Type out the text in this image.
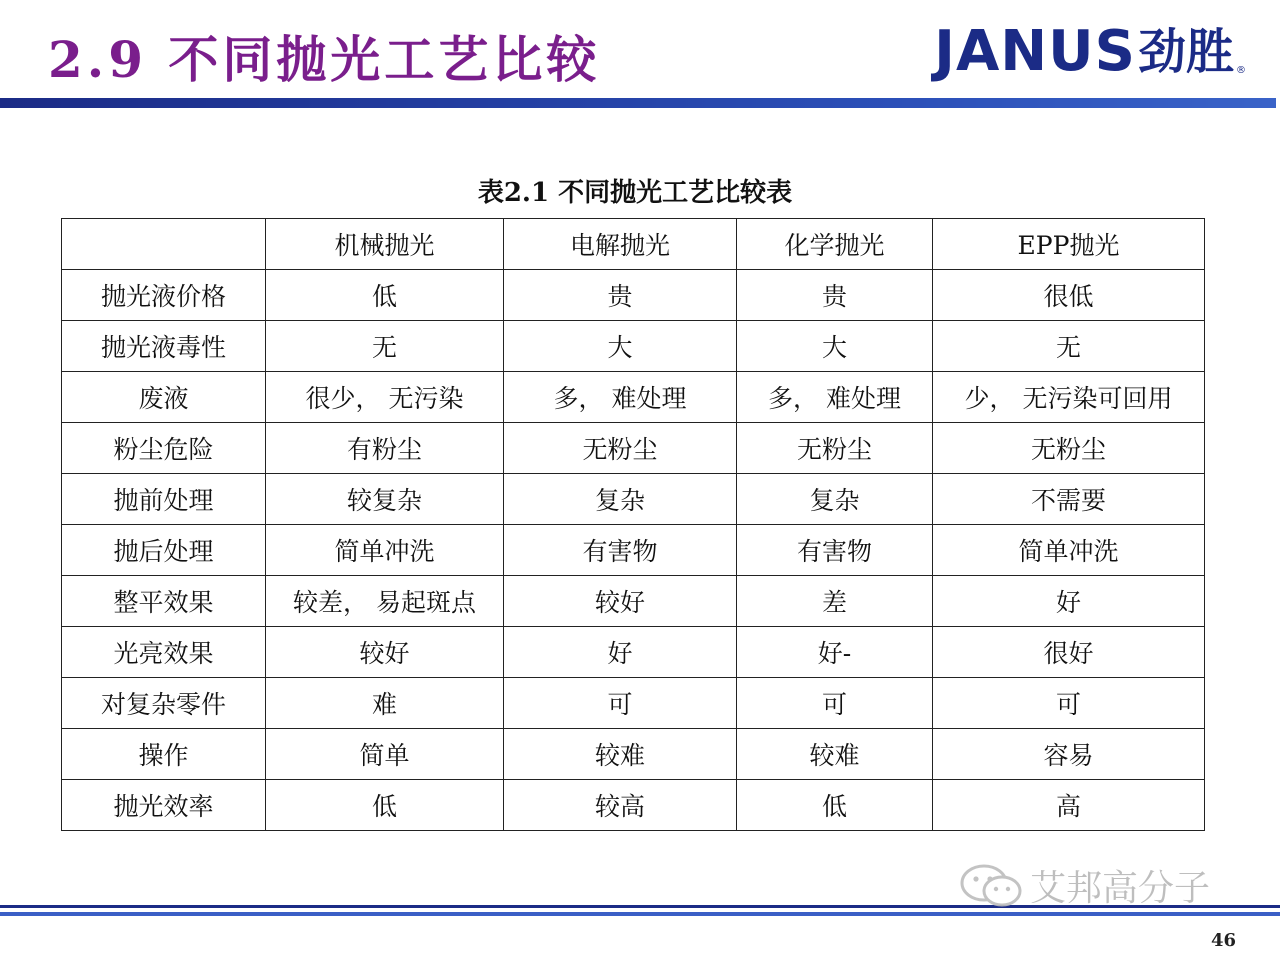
2.9 不同抛光工艺比较	JANUS 劲胜 ®
表2.1 不同抛光工艺比较表
	机械抛光	电解抛光	化学抛光	EPP抛光
抛光液价格	低	贵	贵	很低
抛光液毒性	无	大	大	无
废液	很少， 无污染	多， 难处理	多， 难处理	少， 无污染可回用
粉尘危险	有粉尘	无粉尘	无粉尘	无粉尘
抛前处理	较复杂	复杂	复杂	不需要
抛后处理	简单冲洗	有害物	有害物	简单冲洗
整平效果	较差， 易起斑点	较好	差	好
光亮效果	较好	好	好-	很好
对复杂零件	难	可	可	可
操作	简单	较难	较难	容易
抛光效率	低	较高	低	高
艾邦高分子
46
